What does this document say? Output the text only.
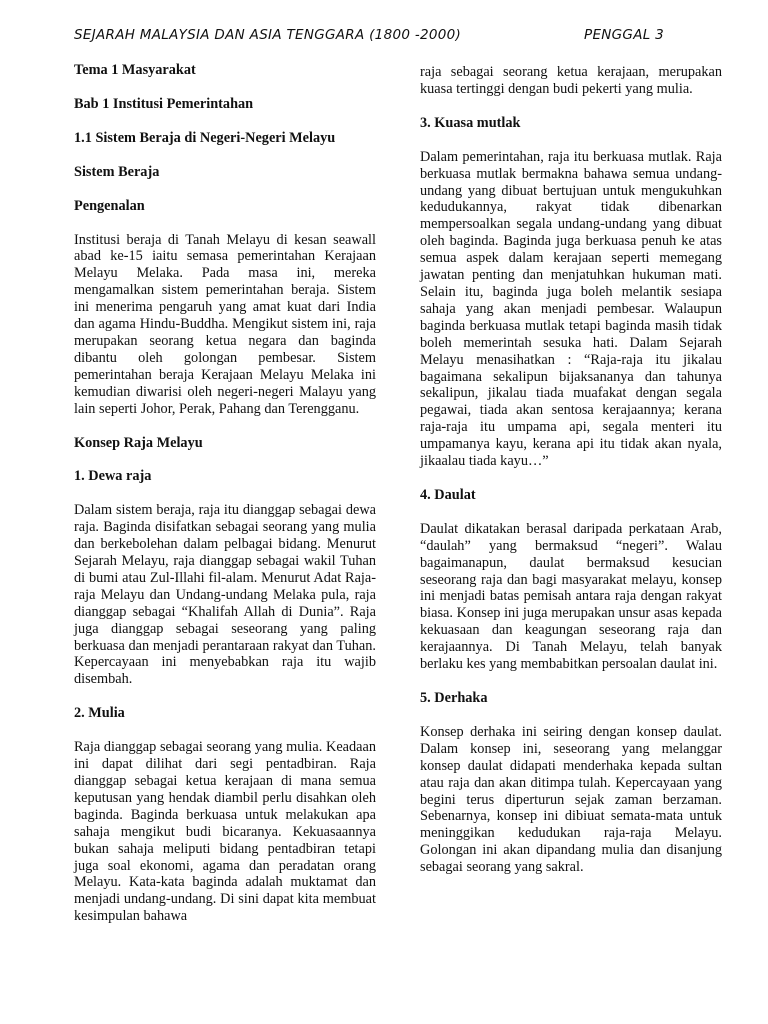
SEJARAH MALAYSIA DAN ASIA TENGGARA (1800 -2000)	PENGGAL 3
Tema 1 Masyarakat
Bab 1 Institusi Pemerintahan
1.1 Sistem Beraja di Negeri-Negeri Melayu
Sistem Beraja
Pengenalan

Institusi beraja di Tanah Melayu di kesan seawall abad ke-15 iaitu semasa pemerintahan Kerajaan Melayu Melaka. Pada masa ini, mereka mengamalkan sistem pemerintahan beraja. Sistem ini menerima pengaruh yang amat kuat dari India dan agama Hindu-Buddha. Mengikut sistem ini, raja merupakan seorang ketua negara dan baginda dibantu oleh golongan pembesar. Sistem pemerintahan beraja Kerajaan Melayu Melaka ini kemudian diwarisi oleh negeri-negeri Malayu yang lain seperti Johor, Perak, Pahang dan Terengganu.

Konsep Raja Melayu
1. Dewa raja

Dalam sistem beraja, raja itu dianggap sebagai dewa raja. Baginda disifatkan sebagai seorang yang mulia dan berkebolehan dalam pelbagai bidang. Menurut Sejarah Melayu, raja dianggap sebagai wakil Tuhan di bumi atau Zul-Illahi fil-alam. Menurut Adat Raja-raja Melayu dan Undang-undang Melaka pula, raja dianggap sebagai “Khalifah Allah di Dunia”. Raja juga dianggap sebagai seseorang yang paling berkuasa dan menjadi perantaraan rakyat dan Tuhan. Kepercayaan ini menyebabkan raja itu wajib disembah.

2. Mulia

Raja dianggap sebagai seorang yang mulia. Keadaan ini dapat dilihat dari segi pentadbiran. Raja dianggap sebagai ketua kerajaan di mana semua keputusan yang hendak diambil perlu disahkan oleh baginda. Baginda berkuasa untuk melakukan apa sahaja mengikut budi bicaranya. Kekuasaannya bukan sahaja meliputi bidang pentadbiran tetapi juga soal ekonomi, agama dan peradatan orang Melayu. Kata-kata baginda adalah muktamat dan menjadi undang-undang. Di sini dapat kita membuat kesimpulan bahawa

raja sebagai seorang ketua kerajaan, merupakan kuasa tertinggi dengan budi pekerti yang mulia.

3. Kuasa mutlak

Dalam pemerintahan, raja itu berkuasa mutlak. Raja berkuasa mutlak bermakna bahawa semua undang-undang yang dibuat bertujuan untuk mengukuhkan kedudukannya, rakyat tidak dibenarkan mempersoalkan segala undang-undang yang dibuat oleh baginda. Baginda juga berkuasa penuh ke atas semua aspek dalam kerajaan seperti memegang jawatan penting dan menjatuhkan hukuman mati. Selain itu, baginda juga boleh melantik sesiapa sahaja yang akan menjadi pembesar. Walaupun baginda berkuasa mutlak tetapi baginda masih tidak boleh memerintah sesuka hati. Dalam Sejarah Melayu menasihatkan : “Raja-raja itu jikalau bagaimana sekalipun bijaksananya dan tahunya sekalipun, jikalau tiada muafakat dengan segala pegawai, tiada akan sentosa kerajaannya; kerana raja-raja itu umpama api, segala menteri itu umpamanya kayu, kerana api itu tidak akan nyala, jikaalau tiada kayu…”

4. Daulat

Daulat dikatakan berasal daripada perkataan Arab, “daulah” yang bermaksud “negeri”. Walau bagaimanapun, daulat bermaksud kesucian seseorang raja dan bagi masyarakat melayu, konsep ini menjadi batas pemisah antara raja dengan rakyat biasa. Konsep ini juga merupakan unsur asas kepada kekuasaan dan keagungan seseorang raja dan kerajaannya. Di Tanah Melayu, telah banyak berlaku kes yang membabitkan persoalan daulat ini.

5. Derhaka

Konsep derhaka ini seiring dengan konsep daulat. Dalam konsep ini, seseorang yang melanggar konsep daulat didapati menderhaka kepada sultan atau raja dan akan ditimpa tulah. Kepercayaan yang begini terus diperturun sejak zaman berzaman. Sebenarnya, konsep ini dibiuat semata-mata untuk meninggikan kedudukan raja-raja Melayu. Golongan ini akan dipandang mulia dan disanjung sebagai seorang yang sakral.
